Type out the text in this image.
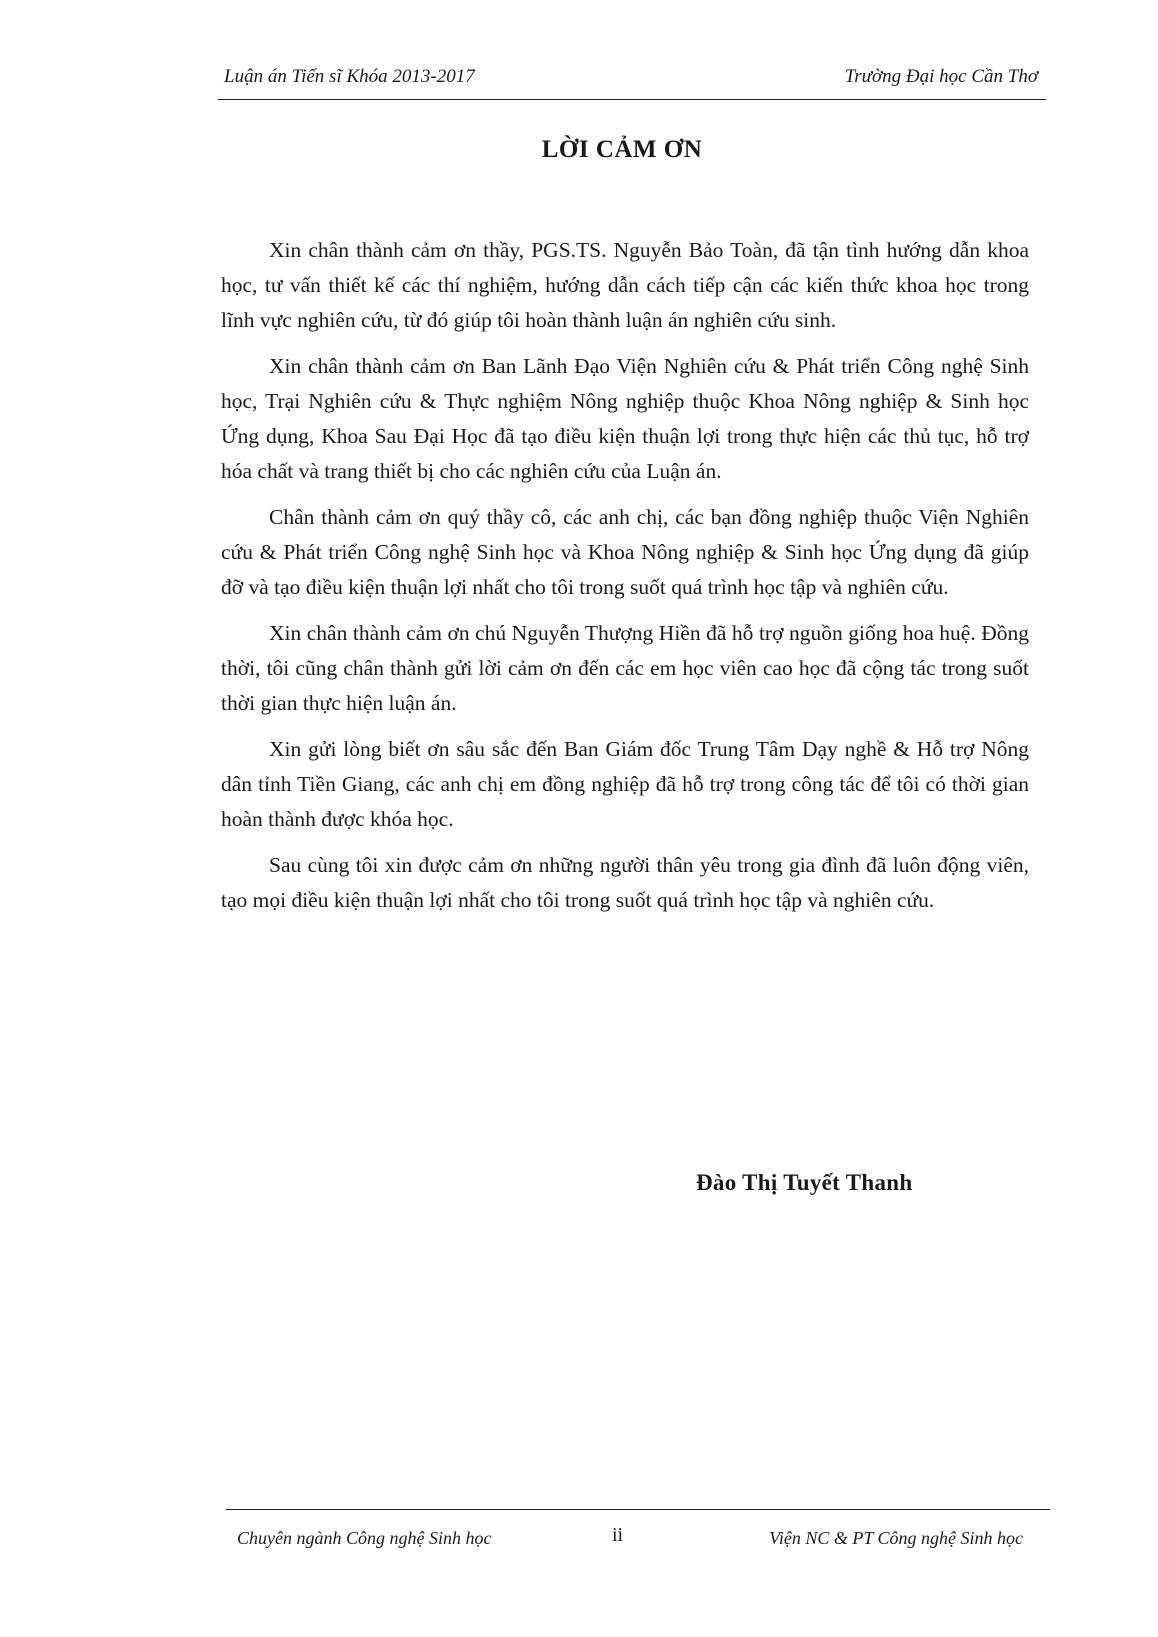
Luận án Tiến sĩ Khóa 2013-2017	Trường Đại học Cần Thơ
LỜI CẢM ƠN

Xin chân thành cảm ơn thầy, PGS.TS. Nguyễn Bảo Toàn, đã tận tình hướng dẫn khoa học, tư vấn thiết kế các thí nghiệm, hướng dẫn cách tiếp cận các kiến thức khoa học trong lĩnh vực nghiên cứu, từ đó giúp tôi hoàn thành luận án nghiên cứu sinh.

Xin chân thành cảm ơn Ban Lãnh Đạo Viện Nghiên cứu & Phát triển Công nghệ Sinh học, Trại Nghiên cứu & Thực nghiệm Nông nghiệp thuộc Khoa Nông nghiệp & Sinh học Ứng dụng, Khoa Sau Đại Học đã tạo điều kiện thuận lợi trong thực hiện các thủ tục, hỗ trợ hóa chất và trang thiết bị cho các nghiên cứu của Luận án.

Chân thành cảm ơn quý thầy cô, các anh chị, các bạn đồng nghiệp thuộc Viện Nghiên cứu & Phát triển Công nghệ Sinh học và Khoa Nông nghiệp & Sinh học Ứng dụng đã giúp đỡ và tạo điều kiện thuận lợi nhất cho tôi trong suốt quá trình học tập và nghiên cứu.

Xin chân thành cảm ơn chú Nguyễn Thượng Hiền đã hỗ trợ nguồn giống hoa huệ. Đồng thời, tôi cũng chân thành gửi lời cảm ơn đến các em học viên cao học đã cộng tác trong suốt thời gian thực hiện luận án.

Xin gửi lòng biết ơn sâu sắc đến Ban Giám đốc Trung Tâm Dạy nghề & Hỗ trợ Nông dân tỉnh Tiền Giang, các anh chị em đồng nghiệp đã hỗ trợ trong công tác để tôi có thời gian hoàn thành được khóa học.

Sau cùng tôi xin được cảm ơn những người thân yêu trong gia đình đã luôn động viên, tạo mọi điều kiện thuận lợi nhất cho tôi trong suốt quá trình học tập và nghiên cứu.

Đào Thị Tuyết Thanh
Chuyên ngành Công nghệ Sinh học	ii	Viện NC & PT Công nghệ Sinh học
